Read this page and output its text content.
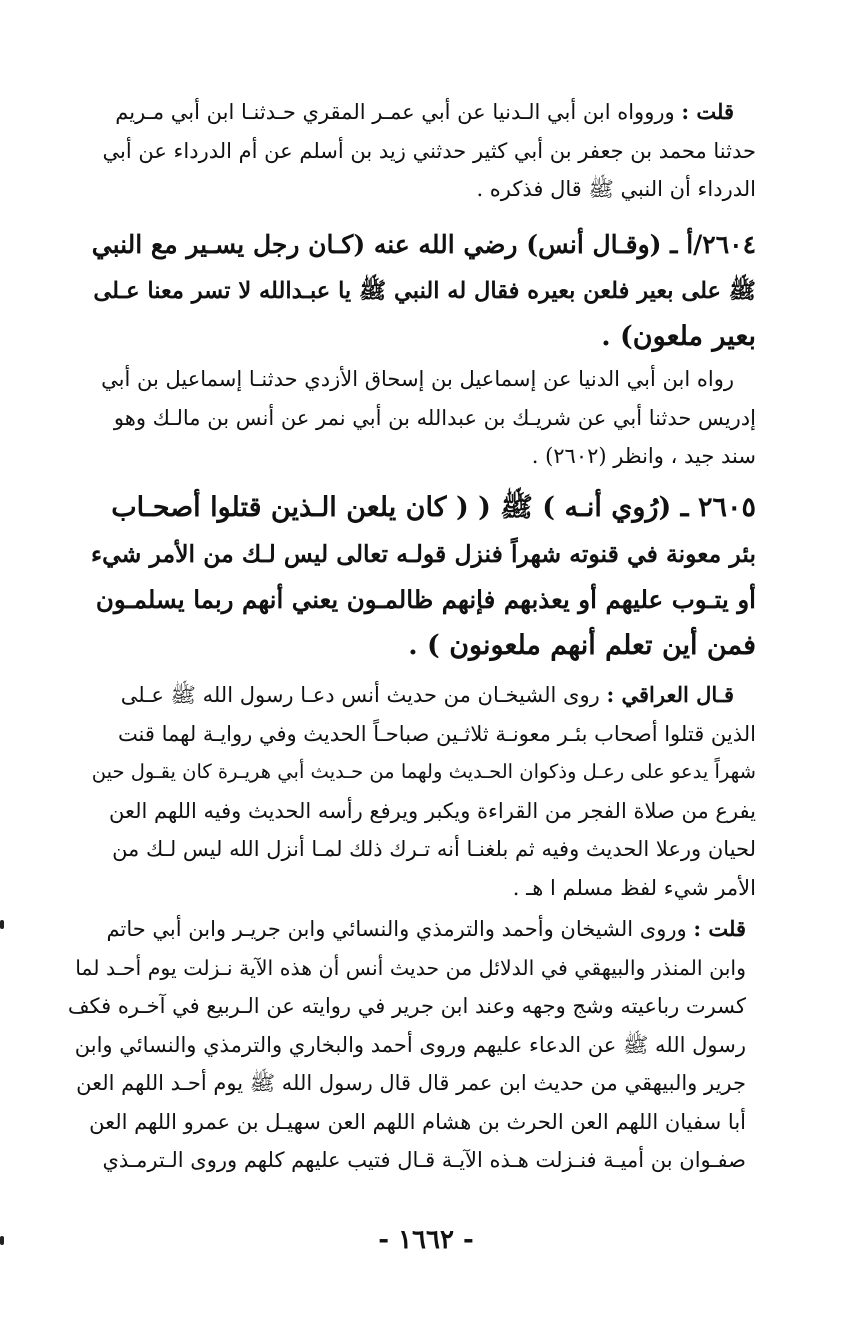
قلت : وروواه ابن أبي الـدنيا عن أبي عمـر المقري حـدثنـا ابن أبي مـريم
حدثنا محمد بن جعفر بن أبي كثير حدثني زيد بن أسلم عن أم الدرداء عن أبي
الدرداء أن النبي ﷺ قال فذكره .
٢٦٠٤/أ ـ (وقـال أنس) رضي الله عنه (كـان رجل يسـير مع النبي
ﷺ على بعير فلعن بعيره فقال له النبي ﷺ يا عبـدالله لا تسر معنا عـلى
بعير ملعون) .
رواه ابن أبي الدنيا عن إسماعيل بن إسحاق الأزدي حدثنـا إسماعيل بن أبي
إدريس حدثنا أبي عن شريـك بن عبدالله بن أبي نمر عن أنس بن مالـك وهو
سند جيد ، وانظر (٢٦٠٢) .
٢٦٠٥ ـ (رُوي أنـه ) ﷺ ( ( كان يلعن الـذين قتلوا أصحـاب
بئر معونة في قنوته شهراً فنزل قولـه تعالى ليس لـك من الأمر شيء
أو يتـوب عليهم أو يعذبهم فإنهم ظالمـون يعني أنهم ربما يسلمـون
فمن أين تعلم أنهم ملعونون ) .
قـال العراقي : روى الشيخـان من حديث أنس دعـا رسول الله ﷺ عـلى
الذين قتلوا أصحاب بئـر معونـة ثلاثـين صباحـاً الحديث وفي روايـة لهما قنت
شهراً يدعو على رعـل وذكوان الحـديث ولهما من حـديث أبي هريـرة كان يقـول حين
يفرع من صلاة الفجر من القراءة ويكبر ويرفع رأسه الحديث وفيه اللهم العن
لحيان ورعلا الحديث وفيه ثم بلغنـا أنه تـرك ذلك لمـا أنزل الله ليس لـك من
الأمر شيء لفظ مسلم ا هـ .
قلت : وروى الشيخان وأحمد والترمذي والنسائي وابن جريـر وابن أبي حاتم
وابن المنذر والبيهقي في الدلائل من حديث أنس أن هذه الآية نـزلت يوم أحـد لما
كسرت رباعيته وشج وجهه وعند ابن جرير في روايته عن الـربيع في آخـره فكف
رسول الله ﷺ عن الدعاء عليهم وروى أحمد والبخاري والترمذي والنسائي وابن
جرير والبيهقي من حديث ابن عمر قال قال رسول الله ﷺ يوم أحـد اللهم العن
أبا سفيان اللهم العن الحرث بن هشام اللهم العن سهيـل بن عمرو اللهم العن
صفـوان بن أميـة فنـزلت هـذه الآيـة قـال فتيب عليهم كلهم وروى الـترمـذي
- ١٦٦٢ -
